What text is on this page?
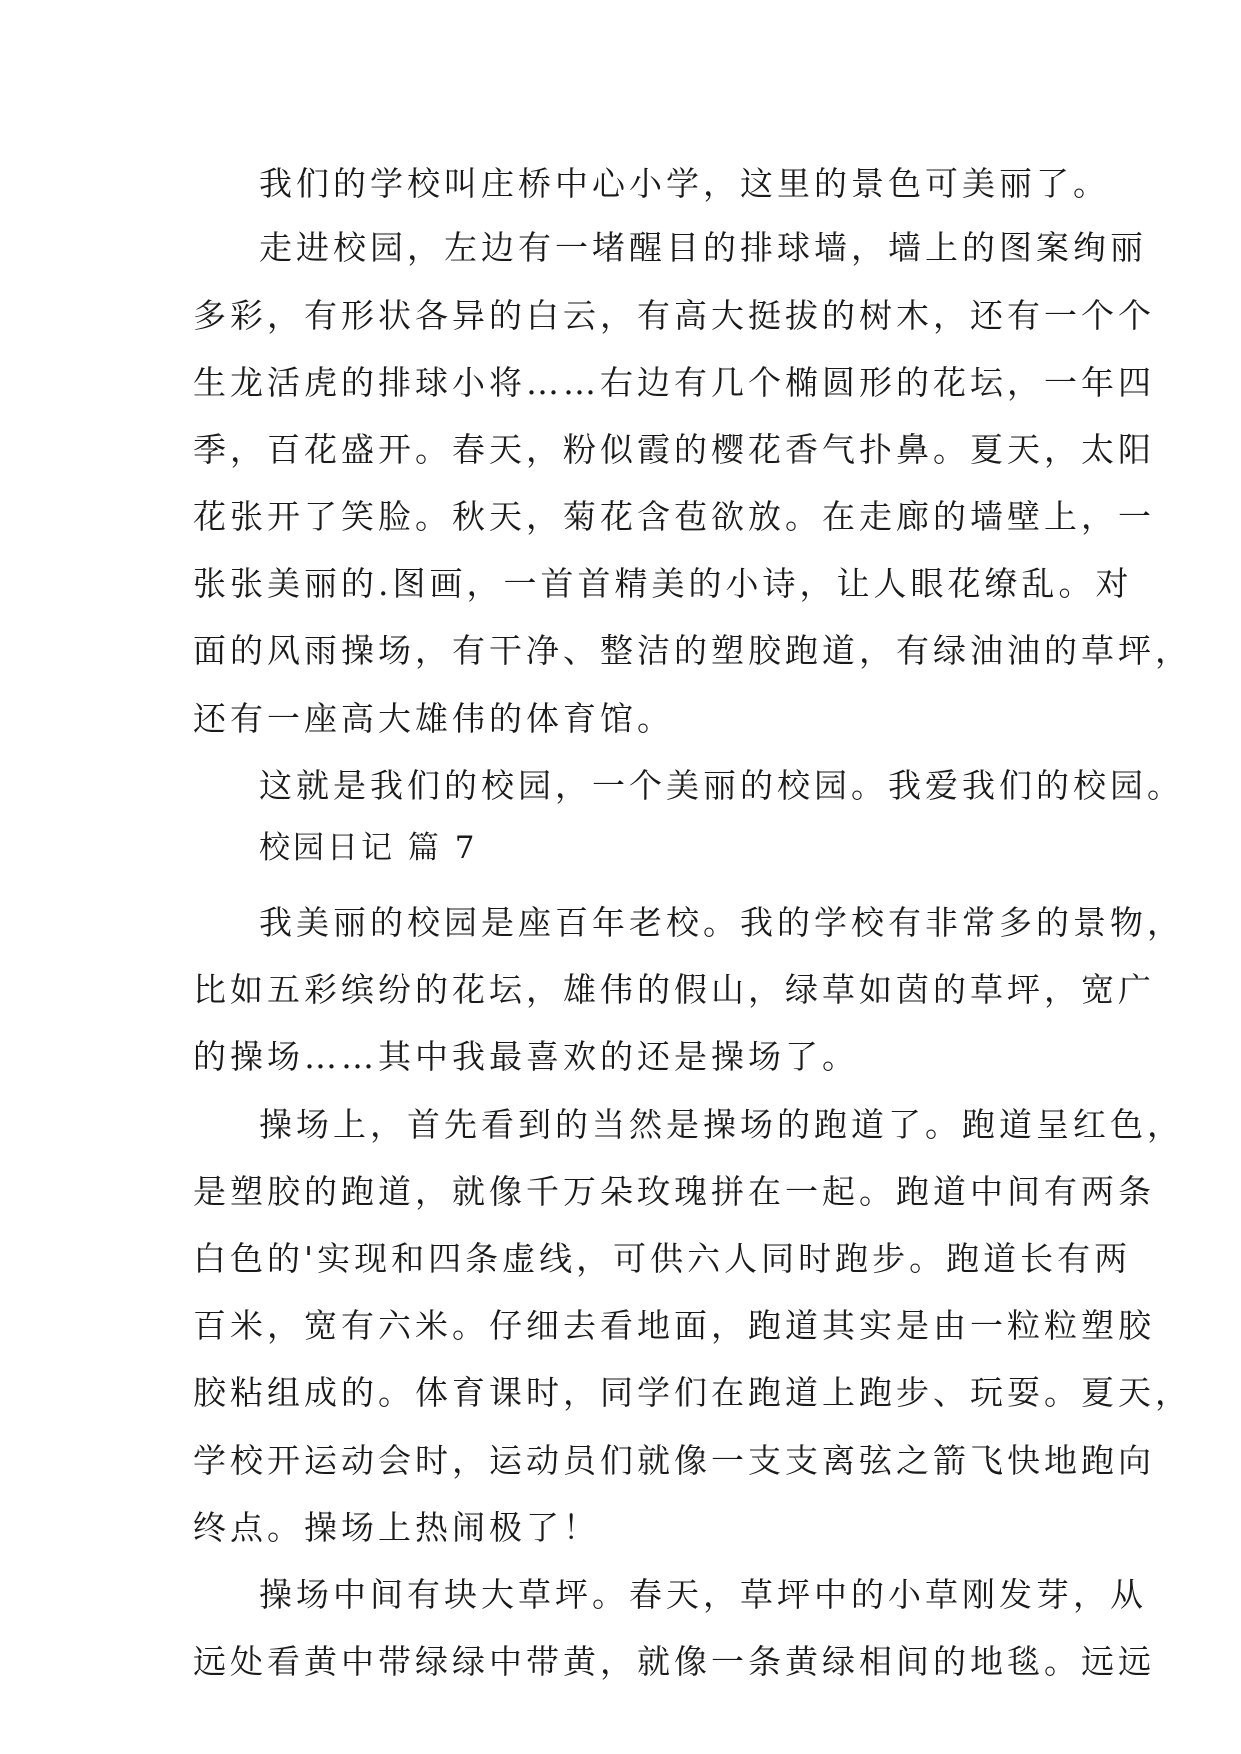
我们的学校叫庄桥中心小学，这里的景色可美丽了。
走进校园，左边有一堵醒目的排球墙，墙上的图案绚丽
多彩，有形状各异的白云，有高大挺拔的树木，还有一个个
生龙活虎的排球小将……右边有几个椭圆形的花坛，一年四
季，百花盛开。春天，粉似霞的樱花香气扑鼻。夏天，太阳
花张开了笑脸。秋天，菊花含苞欲放。在走廊的墙壁上，一
张张美丽的.图画，一首首精美的小诗，让人眼花缭乱。对
面的风雨操场，有干净、整洁的塑胶跑道，有绿油油的草坪，
还有一座高大雄伟的体育馆。
这就是我们的校园，一个美丽的校园。我爱我们的校园。
校园日记 篇 7
我美丽的校园是座百年老校。我的学校有非常多的景物，
比如五彩缤纷的花坛，雄伟的假山，绿草如茵的草坪，宽广
的操场……其中我最喜欢的还是操场了。
操场上，首先看到的当然是操场的跑道了。跑道呈红色，
是塑胶的跑道，就像千万朵玫瑰拼在一起。跑道中间有两条
白色的'实现和四条虚线，可供六人同时跑步。跑道长有两
百米，宽有六米。仔细去看地面，跑道其实是由一粒粒塑胶
胶粘组成的。体育课时，同学们在跑道上跑步、玩耍。夏天，
学校开运动会时，运动员们就像一支支离弦之箭飞快地跑向
终点。操场上热闹极了！
操场中间有块大草坪。春天，草坪中的小草刚发芽，从
远处看黄中带绿绿中带黄，就像一条黄绿相间的地毯。远远
